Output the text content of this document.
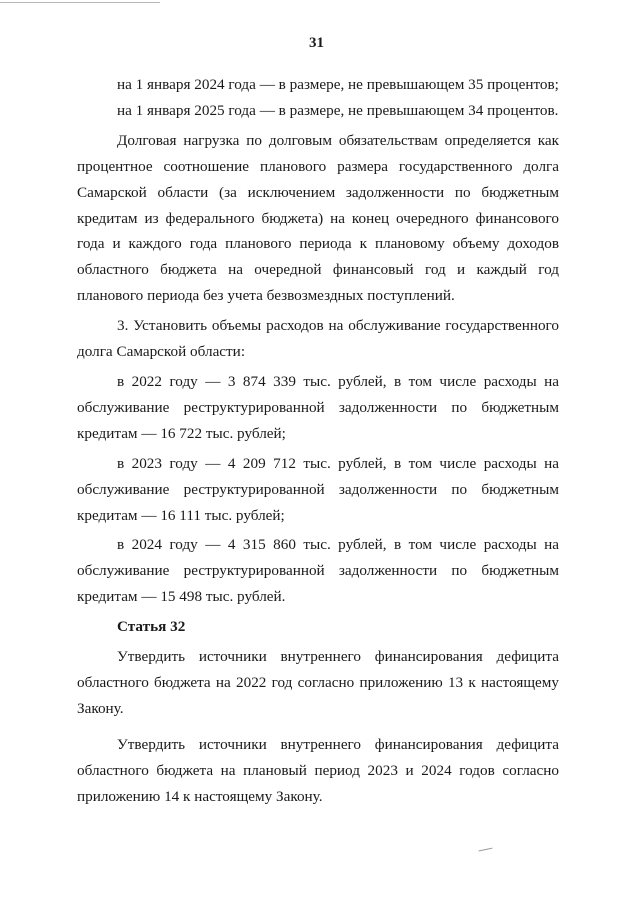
31

на 1 января 2024 года — в размере, не превышающем 35 процентов;

на 1 января 2025 года — в размере, не превышающем 34 процентов.

Долговая нагрузка по долговым обязательствам определяется как процентное соотношение планового размера государственного долга Самарской области (за исключением задолженности по бюджетным кредитам из федерального бюджета) на конец очередного финансового года и каждого года планового периода к плановому объему доходов областного бюджета на очередной финансовый год и каждый год планового периода без учета безвозмездных поступлений.

3. Установить объемы расходов на обслуживание государственного долга Самарской области:

в 2022 году — 3 874 339 тыс. рублей, в том числе расходы на обслуживание реструктурированной задолженности по бюджетным кредитам — 16 722 тыс. рублей;

в 2023 году — 4 209 712 тыс. рублей, в том числе расходы на обслуживание реструктурированной задолженности по бюджетным кредитам — 16 111 тыс. рублей;

в 2024 году — 4 315 860 тыс. рублей, в том числе расходы на обслуживание реструктурированной задолженности по бюджетным кредитам — 15 498 тыс. рублей.

Статья 32

Утвердить источники внутреннего финансирования дефицита областного бюджета на 2022 год согласно приложению 13 к настоящему Закону.

Утвердить источники внутреннего финансирования дефицита областного бюджета на плановый период 2023 и 2024 годов согласно приложению 14 к настоящему Закону.
